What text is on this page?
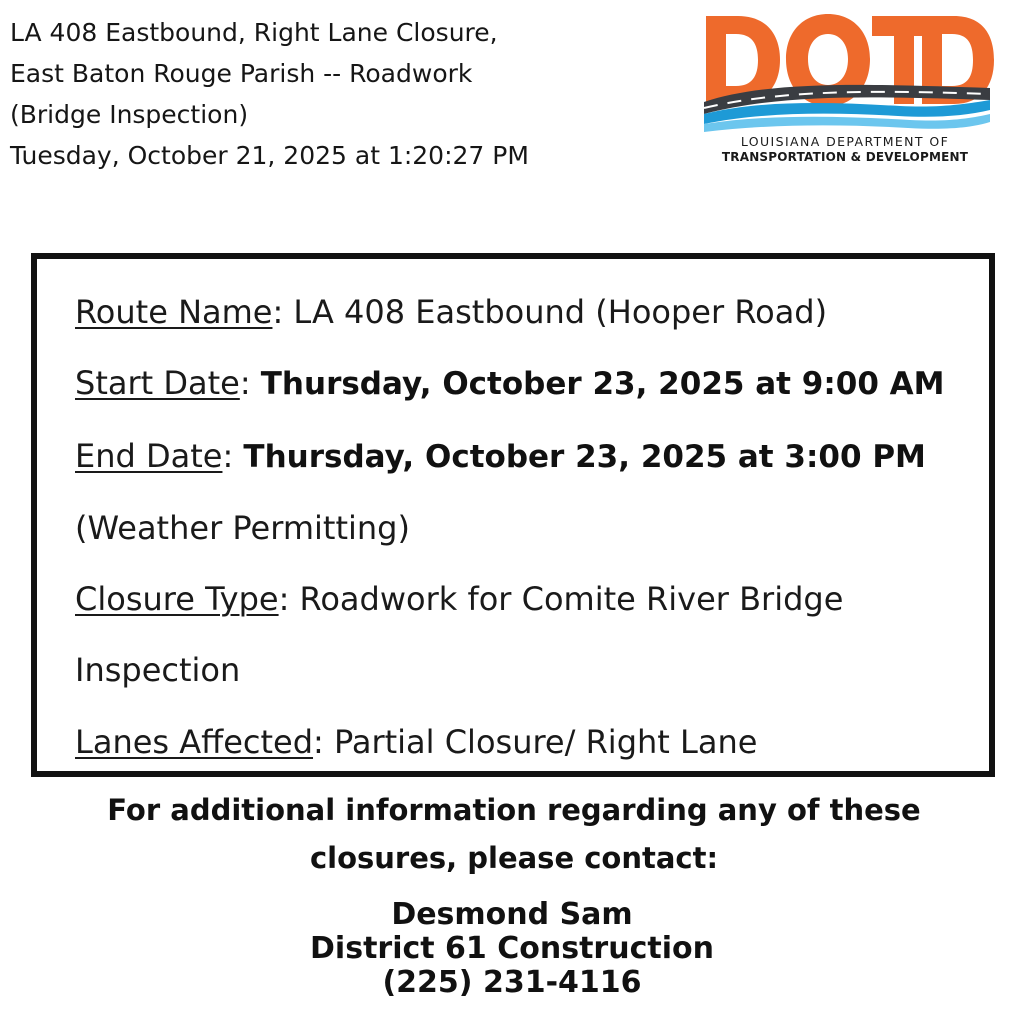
LA 408 Eastbound, Right Lane Closure,
East Baton Rouge Parish -- Roadwork
(Bridge Inspection)
Tuesday, October 21, 2025 at 1:20:27 PM	LOUISIANA DEPARTMENT OF
TRANSPORTATION & DEVELOPMENT
Route Name: LA 408 Eastbound (Hooper Road)
Start Date: Thursday, October 23, 2025 at 9:00 AM
End Date: Thursday, October 23, 2025 at 3:00 PM
(Weather Permitting)
Closure Type: Roadwork for Comite River Bridge
Inspection
Lanes Affected: Partial Closure/ Right Lane
For additional information regarding any of these
closures, please contact:
Desmond Sam
District 61 Construction
(225) 231-4116
